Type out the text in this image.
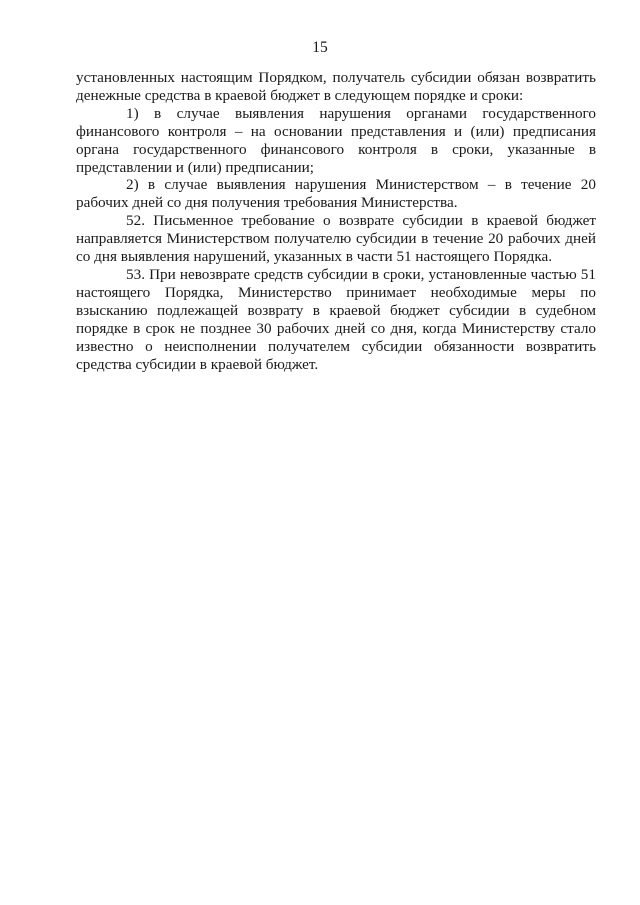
15

установленных настоящим Порядком, получатель субсидии обязан возвратить денежные средства в краевой бюджет в следующем порядке и сроки:

1) в случае выявления нарушения органами государственного финансового контроля – на основании представления и (или) предписания органа государственного финансового контроля в сроки, указанные в представлении и (или) предписании;

2) в случае выявления нарушения Министерством – в течение 20 рабочих дней со дня получения требования Министерства.

52. Письменное требование о возврате субсидии в краевой бюджет направляется Министерством получателю субсидии в течение 20 рабочих дней со дня выявления нарушений, указанных в части 51 настоящего Порядка.

53. При невозврате средств субсидии в сроки, установленные частью 51 настоящего Порядка, Министерство принимает необходимые меры по взысканию подлежащей возврату в краевой бюджет субсидии в судебном порядке в срок не позднее 30 рабочих дней со дня, когда Министерству стало известно о неисполнении получателем субсидии обязанности возвратить средства субсидии в краевой бюджет.
